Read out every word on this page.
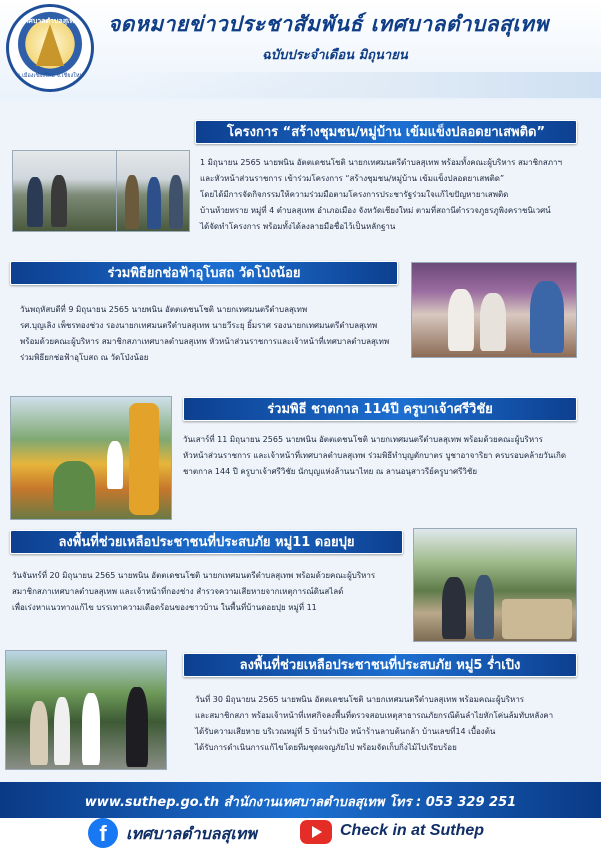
เทศบาลตำบลสุเทพ
อ.เมืองเชียงใหม่ จ.เชียงใหม่
จดหมายข่าวประชาสัมพันธ์ เทศบาลตำบลสุเทพ
ฉบับประจำเดือน มิถุนายน
โครงการ “สร้างชุมชน/หมู่บ้าน เข้มแข็งปลอดยาเสพติด”

1 มิถุนายน 2565 นายพนิน อัตตเดชนโชติ นายกเทศมนตรีตำบลสุเทพ พร้อมทั้งคณะผู้บริหาร สมาชิกสภาฯ

และหัวหน้าส่วนราชการ เข้าร่วมโครงการ “สร้างชุมชน/หมู่บ้าน เข้มแข็งปลอดยาเสพติด”

โดยได้มีการจัดกิจกรรมให้ความร่วมมือตามโครงการประชารัฐร่วมใจแก้ไขปัญหายาเสพติด

บ้านห้วยทราย หมู่ที่ 4 ตำบลสุเทพ อำเภอเมือง จังหวัดเชียงใหม่ ตามที่สถานีตำรวจภูธรภูพิงคราชนิเวศน์

ได้จัดทำโครงการ พร้อมทั้งได้ลงลายมือชื่อไว้เป็นหลักฐาน

ร่วมพิธียกช่อฟ้าอุโบสถ วัดโป่งน้อย

วันพฤหัสบดีที่ 9 มิถุนายน 2565 นายพนิน อัตตเดชนโชติ นายกเทศมนตรีตำบลสุเทพ

รศ.บุญเลิง เพ็ชรทองช่วง รองนายกเทศมนตรีตำบลสุเทพ นายวีระยุ ยิ้มราศ รองนายกเทศมนตรีตำบลสุเทพ

พร้อมด้วยคณะผู้บริหาร สมาชิกสภาเทศบาลตำบลสุเทพ หัวหน้าส่วนราชการและเจ้าหน้าที่เทศบาลตำบลสุเทพ

ร่วมพิธียกช่อฟ้าอุโบสถ ณ วัดโป่งน้อย

ร่วมพิธี ชาตกาล 114ปี ครูบาเจ้าศรีวิชัย

วันเสาร์ที่ 11 มิถุนายน 2565 นายพนิน อัตตเดชนโชติ นายกเทศมนตรีตำบลสุเทพ พร้อมด้วยคณะผู้บริหาร

หัวหน้าส่วนราชการ และเจ้าหน้าที่เทศบาลตำบลสุเทพ ร่วมพิธีทำบุญตักบาตร บูชาอาจาริยา ครบรอบคล้ายวันเกิด

ชาตกาล 144 ปี ครูบาเจ้าศรีวิชัย นักบุญแห่งล้านนาไทย ณ ลานอนุสาวรีย์ครูบาศรีวิชัย

ลงพื้นที่ช่วยเหลือประชาชนที่ประสบภัย หมู่11 ดอยปุย

วันจันทร์ที่ 20 มิถุนายน 2565 นายพนิน อัตตเดชนโชติ นายกเทศมนตรีตำบลสุเทพ พร้อมด้วยคณะผู้บริหาร

สมาชิกสภาเทศบาลตำบลสุเทพ และเจ้าหน้าที่กองช่าง สำรวจความเสียหายจากเหตุการณ์ดินสไลด์

เพื่อเร่งหาแนวทางแก้ไข บรรเทาความเดือดร้อนของชาวบ้าน ในพื้นที่บ้านดอยปุย หมู่ที่ 11

ลงพื้นที่ช่วยเหลือประชาชนที่ประสบภัย หมู่5 ร่ำเปิง

วันที่ 30 มิถุนายน 2565 นายพนิน อัตตเดชนโชติ นายกเทศมนตรีตำบลสุเทพ พร้อมคณะผู้บริหาร

และสมาชิกสภา พร้อมเจ้าหน้าที่เทศกิจลงพื้นที่ตรวจสอบเหตุสาธารณภัยกรณีต้นลำไยหักโค่นล้มทับหลังคา

ได้รับความเสียหาย บริเวณหมู่ที่ 5 บ้านร่ำเปิง หน้าร้านลาบต้นกล้า บ้านเลขที่14 เบื้องต้น

ได้รับการดำเนินการแก้ไขโดยทีมชุดผจญภัยไป พร้อมจัดเก็บกิ่งไม้ไปเรียบร้อย

www.suthep.go.th สำนักงานเทศบาลตำบลสุเทพ โทร : 053 329 251
f	เทศบาลตำบลสุเทพ	Check in at Suthep
